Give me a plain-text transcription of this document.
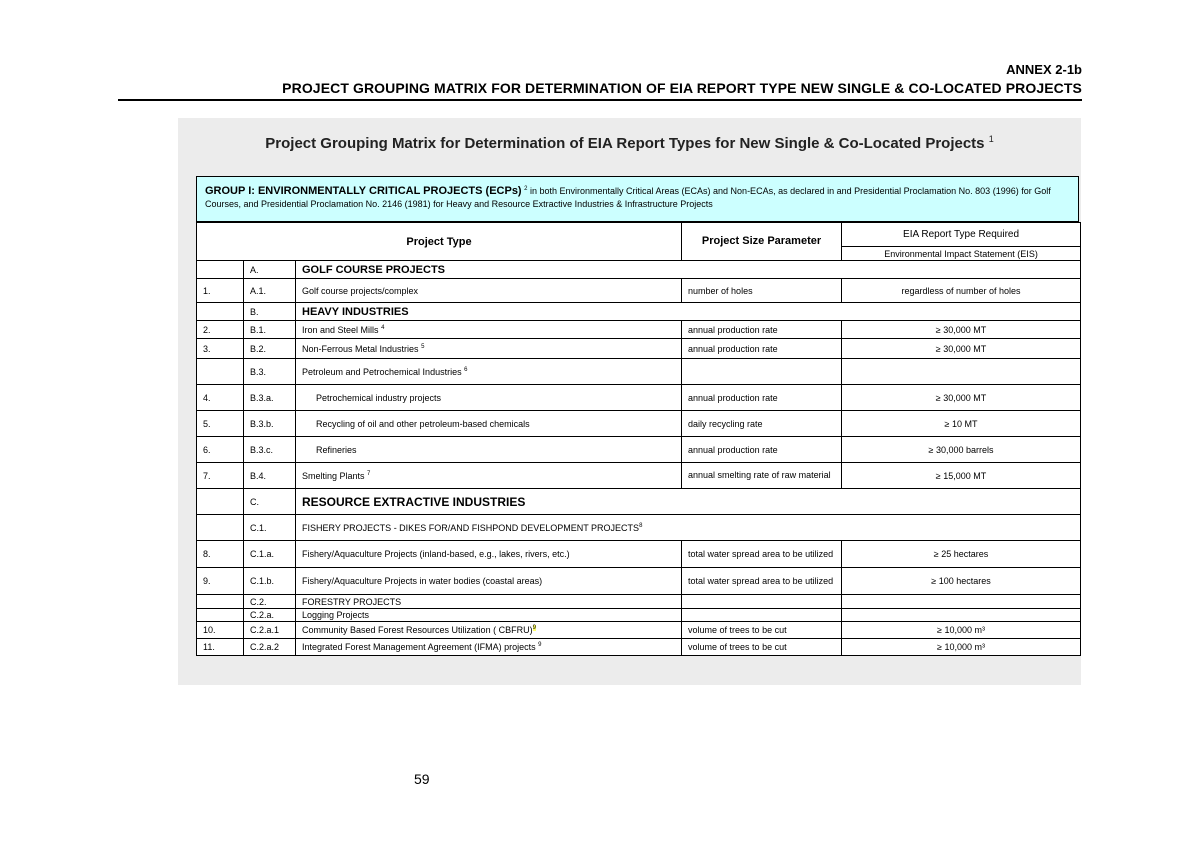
ANNEX 2-1b
PROJECT GROUPING MATRIX FOR DETERMINATION OF EIA REPORT TYPE NEW SINGLE & CO-LOCATED PROJECTS
Project Grouping Matrix for Determination of EIA Report Types for New Single & Co-Located Projects $^1$
GROUP I: ENVIRONMENTALLY CRITICAL PROJECTS (ECPs) $^2$ in both Environmentally Critical Areas (ECAs) and Non-ECAs, as declared in and Presidential Proclamation No. 803 (1996) for Golf Courses, and Presidential Proclamation No. 2146 (1981) for Heavy and Resource Extractive Industries & Infrastructure Projects
Project Type			Project Size Parameter	EIA Report Type Required
				Environmental Impact Statement (EIS)
	A.	GOLF COURSE PROJECTS		
1.	A.1.	Golf course projects/complex	number of holes	regardless of number of holes
	B.	HEAVY INDUSTRIES		
2.	B.1.	Iron and Steel Mills $^4$	annual production rate	≥ 30,000 MT
3.	B.2.	Non-Ferrous Metal Industries $^5$	annual production rate	≥ 30,000 MT
	B.3.	Petroleum and Petrochemical Industries $^6$		
4.	B.3.a.	Petrochemical industry projects	annual production rate	≥ 30,000 MT
5.	B.3.b.	Recycling of oil and other petroleum-based chemicals	daily recycling rate	≥ 10 MT
6.	B.3.c.	Refineries	annual production rate	≥ 30,000 barrels
7.	B.4.	Smelting Plants $^7$	annual smelting rate of raw material	≥ 15,000 MT
	C.	RESOURCE EXTRACTIVE INDUSTRIES		
	C.1.	FISHERY PROJECTS - DIKES FOR/AND FISHPOND DEVELOPMENT PROJECTS$^8$
8.	C.1.a.	Fishery/Aquaculture Projects (inland-based, e.g., lakes, rivers, etc.)	total water spread area to be utilized	≥ 25 hectares
9.	C.1.b.	Fishery/Aquaculture Projects in water bodies (coastal areas)	total water spread area to be utilized	≥ 100 hectares
	C.2.	FORESTRY PROJECTS		
	C.2.a.	Logging Projects		
10.	C.2.a.1	Community Based Forest Resources Utilization ( CBFRU)$^9$	volume of trees to be cut	≥ 10,000 m³
11.	C.2.a.2	Integrated Forest Management Agreement (IFMA) projects $^9$	volume of trees to be cut	≥ 10,000 m³
59
